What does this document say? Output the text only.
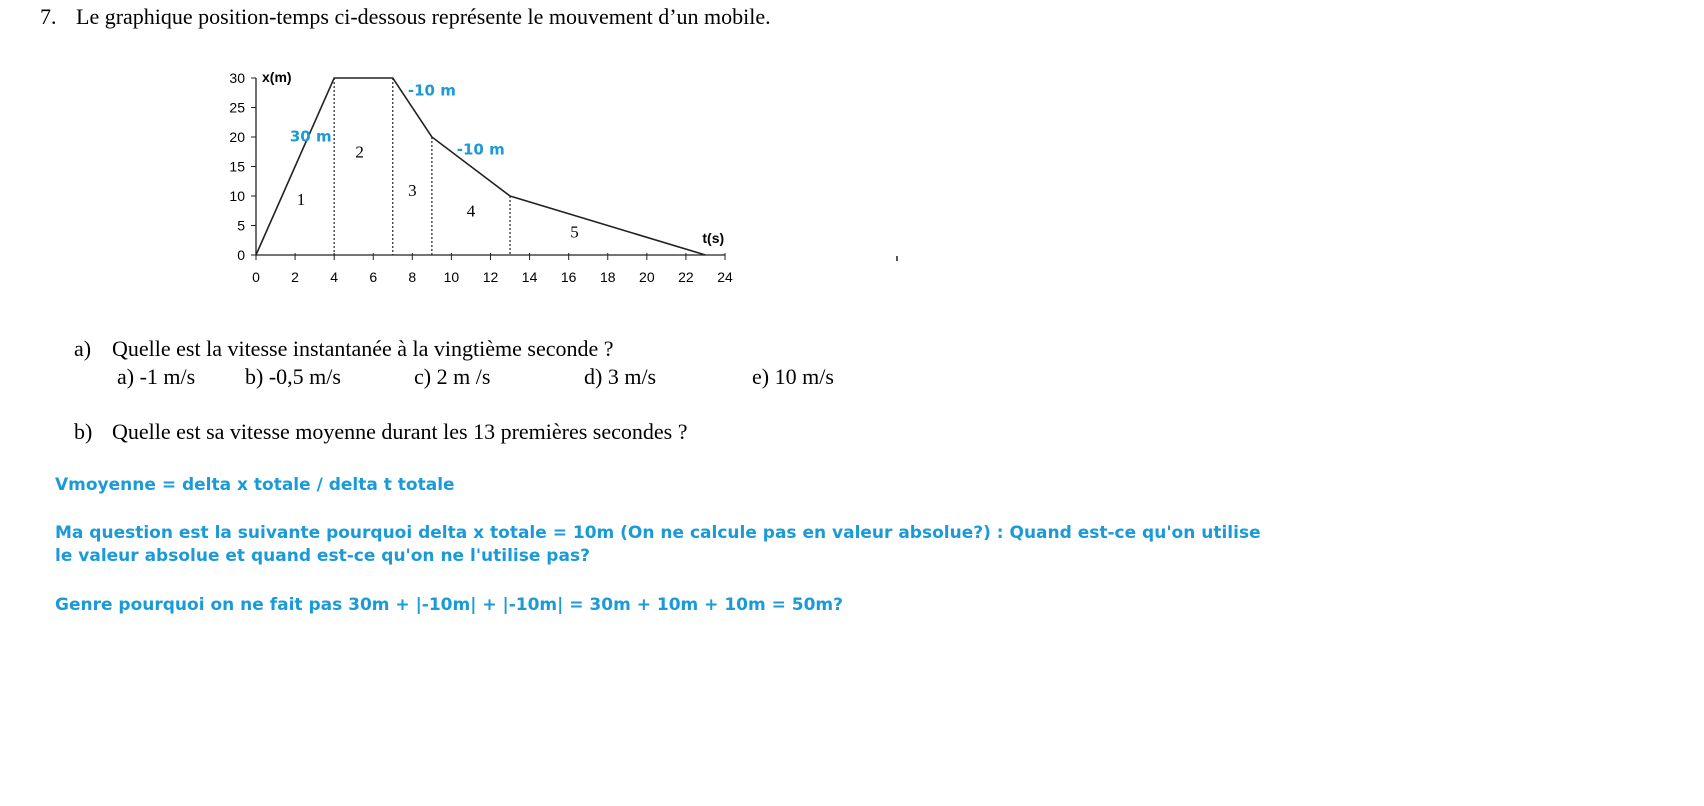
7. Le graphique position-temps ci-dessous représente le mouvement d’un mobile.
0
5
10
15
20
25
30
0 2 4 6 8 10 12 14 16 18 20 22 24
1
2
3
4
5
30 m
-10 m
-10 m
x(m)
t(s)
a) Quelle est la vitesse instantanée à la vingtième seconde ?
a) -1 m/s b) -0,5 m/s	c) 2 m /s	d) 3 m/s	e) 10 m/s
b) Quelle est sa vitesse moyenne durant les 13 premières secondes ?
Vmoyenne = delta x totale / delta t totale
Ma question est la suivante pourquoi delta x totale = 10m (On ne calcule pas en valeur absolue?) : Quand est-ce qu'on utilise
le valeur absolue et quand est-ce qu'on ne l'utilise pas?
Genre pourquoi on ne fait pas 30m + |-10m| + |-10m| = 30m + 10m + 10m = 50m?
